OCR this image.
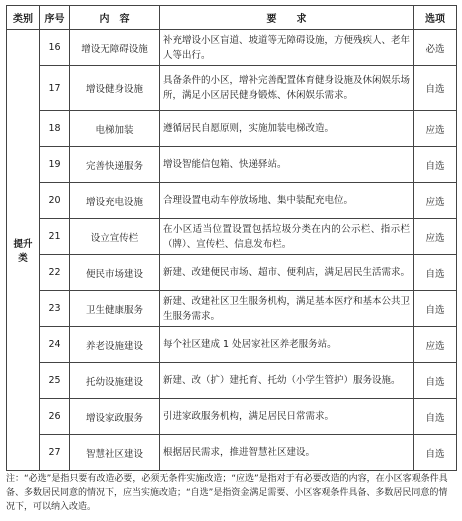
类别	序号	内　容	要　　求	选项
提升类	16	增设无障碍设施	补充增设小区盲道、坡道等无障碍设施，方便残疾人、老年人等出行。	必选
	17	增设健身设施	具备条件的小区，增补完善配置体育健身设施及休闲娱乐场所，满足小区居民健身锻炼、休闲娱乐需求。	自选
	18	电梯加装	遵循居民自愿原则，实施加装电梯改造。	应选
	19	完善快递服务	增设智能信包箱、快递驿站。	自选
	20	增设充电设施	合理设置电动车停放场地、集中装配充电位。	应选
	21	设立宣传栏	在小区适当位置设置包括垃圾分类在内的公示栏、指示栏（牌）、宣传栏、信息发布栏。	应选
	22	便民市场建设	新建、改建便民市场、超市、便利店，满足居民生活需求。	自选
	23	卫生健康服务	新建、改建社区卫生服务机构，满足基本医疗和基本公共卫生服务需求。	自选
	24	养老设施建设	每个社区建成 1 处居家社区养老服务站。	应选
	25	托幼设施建设	新建、改（扩）建托育、托幼（小学生管护）服务设施。	自选
	26	增设家政服务	引进家政服务机构，满足居民日常需求。	自选
	27	智慧社区建设	根据居民需求，推进智慧社区建设。	自选
注：“必选”是指只要有改造必要，必须无条件实施改造；“应选”是指对于有必要改造的内容，在小区客观条件具备、多数居民同意的情况下，应当实施改造；“自选”是指资金满足需要、小区客观条件具备、多数居民同意的情况下，可以纳入改造。
